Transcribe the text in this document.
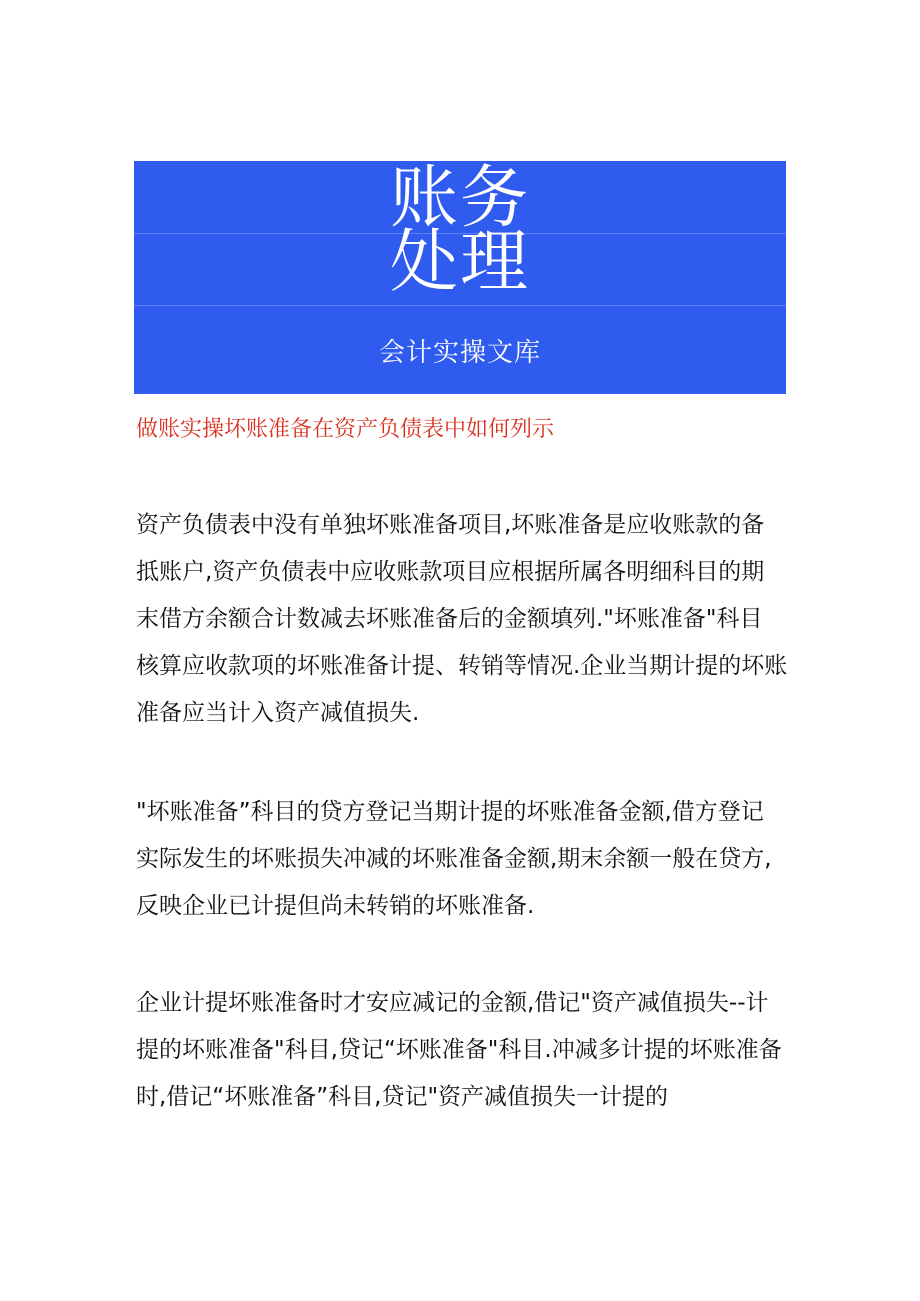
账务
处理
会计实操文库
做账实操坏账准备在资产负债表中如何列示

资产负债表中没有单独坏账准备项目,坏账准备是应收账款的备
抵账户,资产负债表中应收账款项目应根据所属各明细科目的期
末借方余额合计数减去坏账准备后的金额填列."坏账准备"科目
核算应收款项的坏账准备计提、转销等情况.企业当期计提的坏账
准备应当计入资产减值损失.

"坏账准备”科目的贷方登记当期计提的坏账准备金额,借方登记
实际发生的坏账损失冲减的坏账准备金额,期末余额一般在贷方,
反映企业已计提但尚未转销的坏账准备.

企业计提坏账准备时才安应减记的金额,借记"资产减值损失--计
提的坏账准备"科目,贷记“坏账准备"科目.冲减多计提的坏账准备
时,借记“坏账准备”科目,贷记"资产减值损失一计提的
